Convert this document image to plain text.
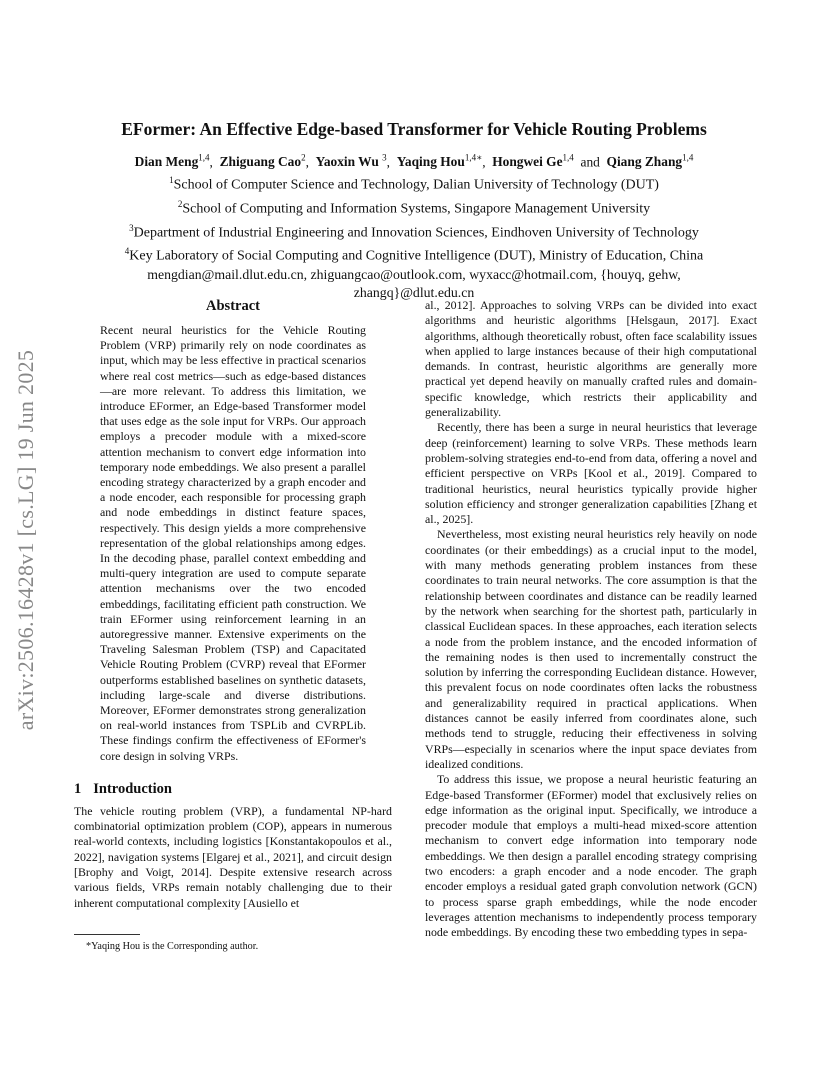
arXiv:2506.16428v1 [cs.LG] 19 Jun 2025
EFormer: An Effective Edge-based Transformer for Vehicle Routing Problems
Dian Meng$^{1,4}$, Zhiguang Cao$^2$, Yaoxin Wu $^3$, Yaqing Hou$^{1,4∗}$, Hongwei Ge$^{1,4}$ and Qiang Zhang$^{1,4}$
$^1$School of Computer Science and Technology, Dalian University of Technology (DUT)
$^2$School of Computing and Information Systems, Singapore Management University
$^3$Department of Industrial Engineering and Innovation Sciences, Eindhoven University of Technology
$^4$Key Laboratory of Social Computing and Cognitive Intelligence (DUT), Ministry of Education, China
mengdian@mail.dlut.edu.cn, zhiguangcao@outlook.com, wyxacc@hotmail.com, {houyq, gehw,
zhangq}@dlut.edu.cn
Abstract

Recent neural heuristics for the Vehicle Routing Problem (VRP) primarily rely on node coordinates as input, which may be less effective in practical scenarios where real cost metrics—such as edge-based distances—are more relevant. To address this limitation, we introduce EFormer, an Edge-based Transformer model that uses edge as the sole input for VRPs. Our approach employs a precoder module with a mixed-score attention mechanism to convert edge information into temporary node embeddings. We also present a parallel encoding strategy characterized by a graph encoder and a node encoder, each responsible for processing graph and node embeddings in distinct feature spaces, respectively. This design yields a more comprehensive representation of the global relationships among edges. In the decoding phase, parallel context embedding and multi-query integration are used to compute separate attention mechanisms over the two encoded embeddings, facilitating efficient path construction. We train EFormer using reinforcement learning in an autoregressive manner. Extensive experiments on the Traveling Salesman Problem (TSP) and Capacitated Vehicle Routing Problem (CVRP) reveal that EFormer outperforms established baselines on synthetic datasets, including large-scale and diverse distributions. Moreover, EFormer demonstrates strong generalization on real-world instances from TSPLib and CVRPLib. These findings confirm the effectiveness of EFormer's core design in solving VRPs.

1 Introduction

The vehicle routing problem (VRP), a fundamental NP-hard combinatorial optimization problem (COP), appears in numerous real-world contexts, including logistics [Konstantakopoulos et al., 2022], navigation systems [Elgarej et al., 2021], and circuit design [Brophy and Voigt, 2014]. Despite extensive research across various fields, VRPs remain notably challenging due to their inherent computational complexity [Ausiello et

al., 2012]. Approaches to solving VRPs can be divided into exact algorithms and heuristic algorithms [Helsgaun, 2017]. Exact algorithms, although theoretically robust, often face scalability issues when applied to large instances because of their high computational demands. In contrast, heuristic algorithms are generally more practical yet depend heavily on manually crafted rules and domain-specific knowledge, which restricts their applicability and generalizability.

Recently, there has been a surge in neural heuristics that leverage deep (reinforcement) learning to solve VRPs. These methods learn problem-solving strategies end-to-end from data, offering a novel and efficient perspective on VRPs [Kool et al., 2019]. Compared to traditional heuristics, neural heuristics typically provide higher solution efficiency and stronger generalization capabilities [Zhang et al., 2025].

Nevertheless, most existing neural heuristics rely heavily on node coordinates (or their embeddings) as a crucial input to the model, with many methods generating problem instances from these coordinates to train neural networks. The core assumption is that the relationship between coordinates and distance can be readily learned by the network when searching for the shortest path, particularly in classical Euclidean spaces. In these approaches, each iteration selects a node from the problem instance, and the encoded information of the remaining nodes is then used to incrementally construct the solution by inferring the corresponding Euclidean distance. However, this prevalent focus on node coordinates often lacks the robustness and generalizability required in practical applications. When distances cannot be easily inferred from coordinates alone, such methods tend to struggle, reducing their effectiveness in solving VRPs—especially in scenarios where the input space deviates from idealized conditions.

To address this issue, we propose a neural heuristic featuring an Edge-based Transformer (EFormer) model that exclusively relies on edge information as the original input. Specifically, we introduce a precoder module that employs a multi-head mixed-score attention mechanism to convert edge information into temporary node embeddings. We then design a parallel encoding strategy comprising two encoders: a graph encoder and a node encoder. The graph encoder employs a residual gated graph convolution network (GCN) to process sparse graph embeddings, while the node encoder leverages attention mechanisms to independently process temporary node embeddings. By encoding these two embedding types in sepa-

*Yaqing Hou is the Corresponding author.
